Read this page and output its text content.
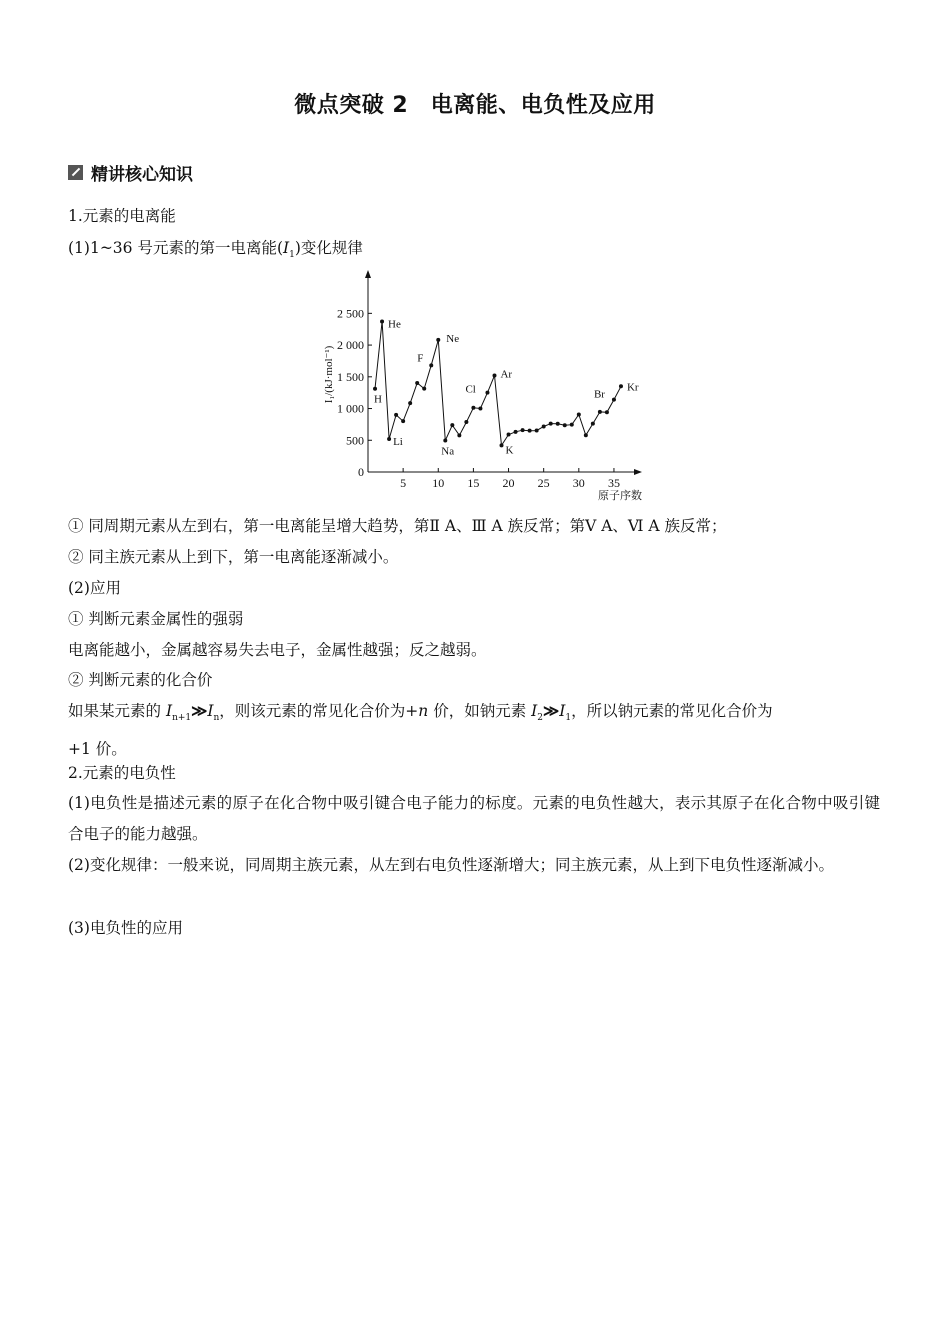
微点突破 2　电离能、电负性及应用
精讲核心知识
1.元素的电离能
(1)1~36 号元素的第一电离能$(I_1)$变化规律
0
500
1 000
1 500
2 000
2 500
5 10 15 20 25 30 35
原子序数
I₁/(kJ·mol⁻¹)	H
He
Li
F
Ne
Na
Cl
Ar
K
Br
Kr
① 同周期元素从左到右，第一电离能呈增大趋势，第Ⅱ A、Ⅲ A 族反常；第Ⅴ A、Ⅵ A 族反常；
② 同主族元素从上到下，第一电离能逐渐减小。
(2)应用
① 判断元素金属性的强弱
电离能越小，金属越容易失去电子，金属性越强；反之越弱。
② 判断元素的化合价
如果某元素的 $I_{n+1}≫I_n$，则该元素的常见化合价为+n 价，如钠元素 $I_2≫I_1$，所以钠元素的常见化合价为
+1 价。
2.元素的电负性
(1)电负性是描述元素的原子在化合物中吸引键合电子能力的标度。元素的电负性越大，表示其原子在化合物中吸引键合电子的能力越强。
(2)变化规律：一般来说，同周期主族元素，从左到右电负性逐渐增大；同主族元素，从上到下电负性逐渐减小。
(3)电负性的应用
